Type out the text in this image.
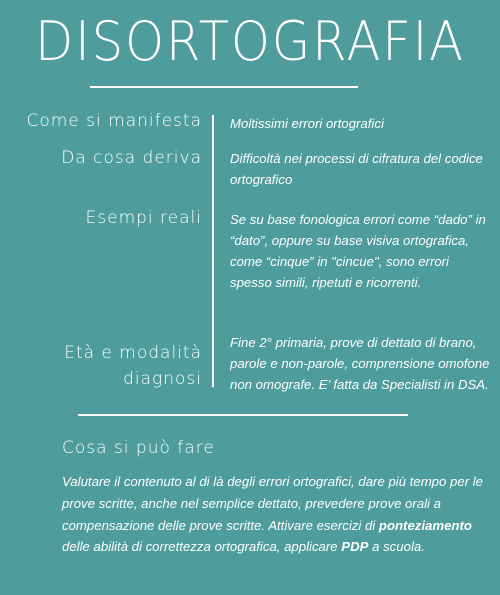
DISORTOGRAFIA
Come si manifesta Moltissimi errori ortografici
Da cosa deriva Difficoltà nei processi di cifratura del codice ortografico
Esempi reali Se su base fonologica errori come “dado” in “dato”, oppure su base visiva ortografica, come “cinque” in "cincue", sono errori spesso simili, ripetuti e ricorrenti.
Età e modalità
diagnosi
Fine 2° primaria, prove di dettato di brano, parole e non-parole, comprensione omofone non omografe. E’ fatta da Specialisti in DSA.
Cosa si può fare
Valutare il contenuto al di là degli errori ortografici, dare più tempo per le prove scritte, anche nel semplice dettato, prevedere prove orali a compensazione delle prove scritte. Attivare esercizi di ponteziamento delle abilità di correttezza ortografica, applicare PDP a scuola.
